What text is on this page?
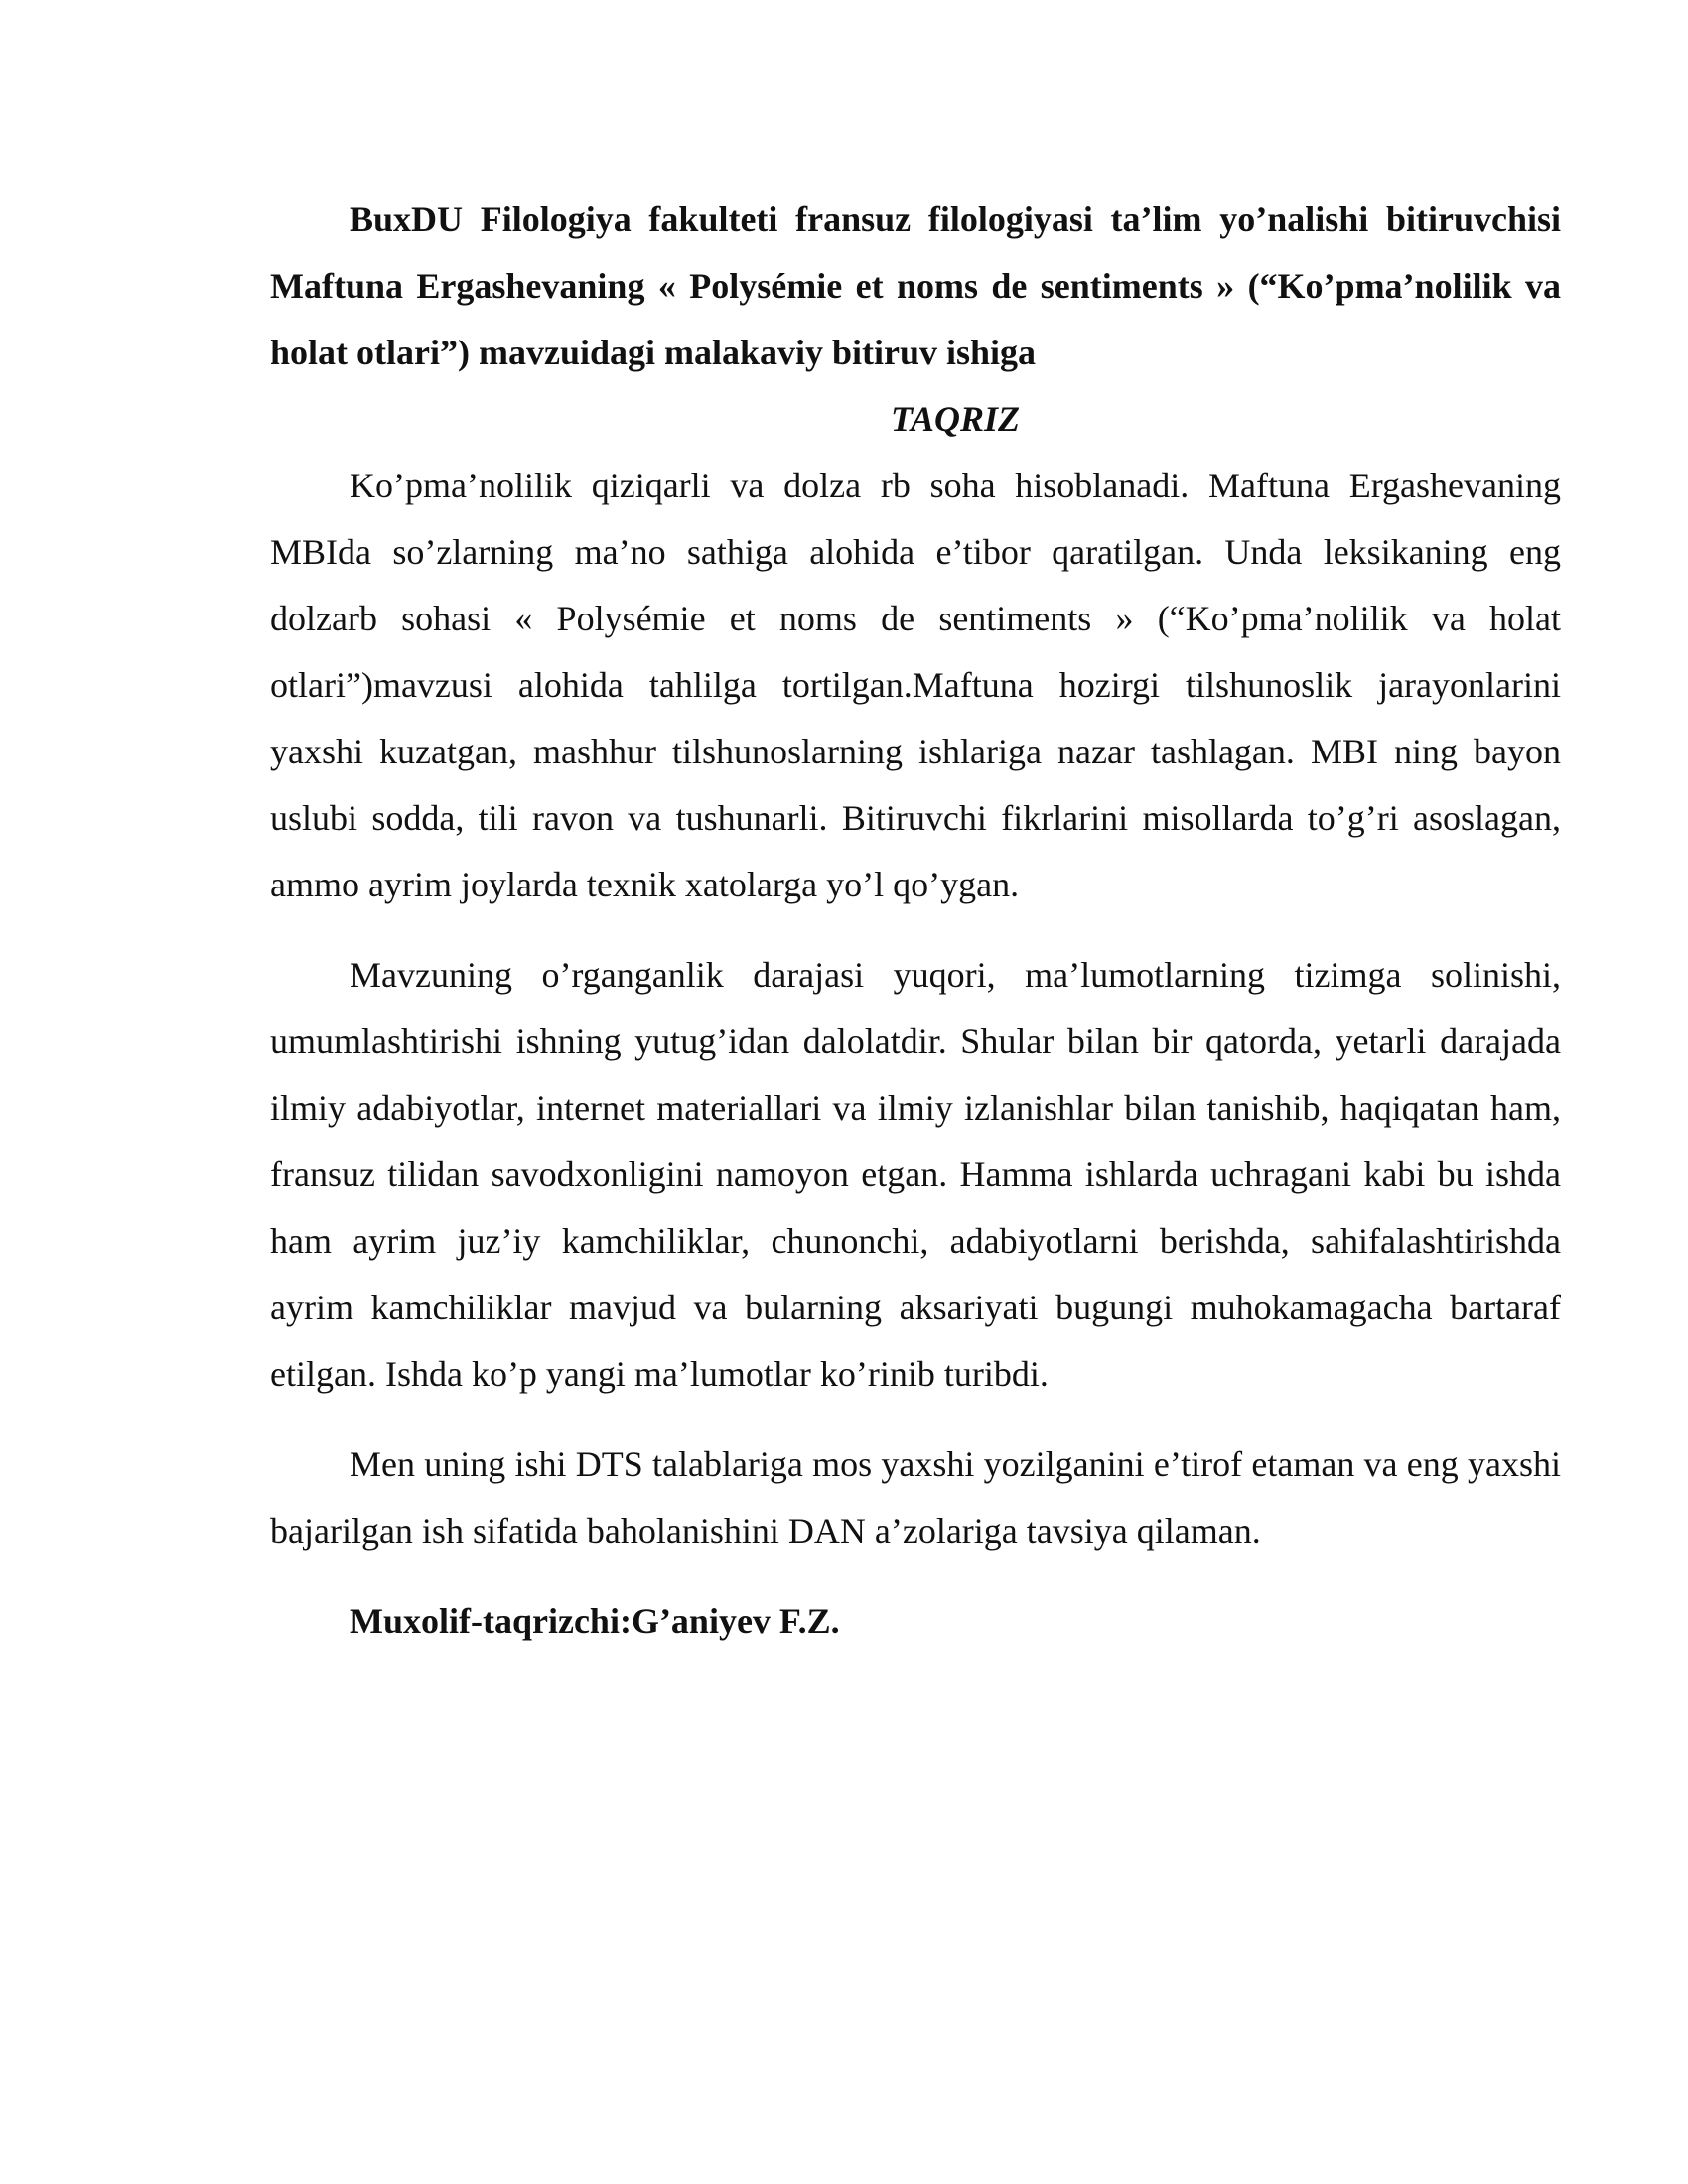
BuxDU Filologiya fakulteti fransuz filologiyasi ta’lim yo’nalishi bitiruvchisi Maftuna Ergashevaning « Polysémie et noms de sentiments » (“Ko’pma’nolilik va holat otlari”) mavzuidagi malakaviy bitiruv ishiga

TAQRIZ

Ko’pma’nolilik qiziqarli va dolza rb soha hisoblanadi. Maftuna Ergashevaning MBIda so’zlarning ma’no sathiga alohida e’tibor qaratilgan. Unda leksikaning eng dolzarb sohasi « Polysémie et noms de sentiments » (“Ko’pma’nolilik va holat otlari”)mavzusi alohida tahlilga tortilgan.Maftuna hozirgi tilshunoslik jarayonlarini yaxshi kuzatgan, mashhur tilshunoslarning ishlariga nazar tashlagan. MBI ning bayon uslubi sodda, tili ravon va tushunarli. Bitiruvchi fikrlarini misollarda to’g’ri asoslagan, ammo ayrim joylarda texnik xatolarga yo’l qo’ygan.

Mavzuning o’rganganlik darajasi yuqori, ma’lumotlarning tizimga solinishi, umumlashtirishi ishning yutug’idan dalolatdir. Shular bilan bir qatorda, yetarli darajada ilmiy adabiyotlar, internet materiallari va ilmiy izlanishlar bilan tanishib, haqiqatan ham, fransuz tilidan savodxonligini namoyon etgan. Hamma ishlarda uchragani kabi bu ishda ham ayrim juz’iy kamchiliklar, chunonchi, adabiyotlarni berishda, sahifalashtirishda ayrim kamchiliklar mavjud va bularning aksariyati bugungi muhokamagacha bartaraf etilgan. Ishda ko’p yangi ma’lumotlar ko’rinib turibdi.

Men uning ishi DTS talablariga mos yaxshi yozilganini e’tirof etaman va eng yaxshi bajarilgan ish sifatida baholanishini DAN a’zolariga tavsiya qilaman.

Muxolif-taqrizchi:G’aniyev F.Z.
